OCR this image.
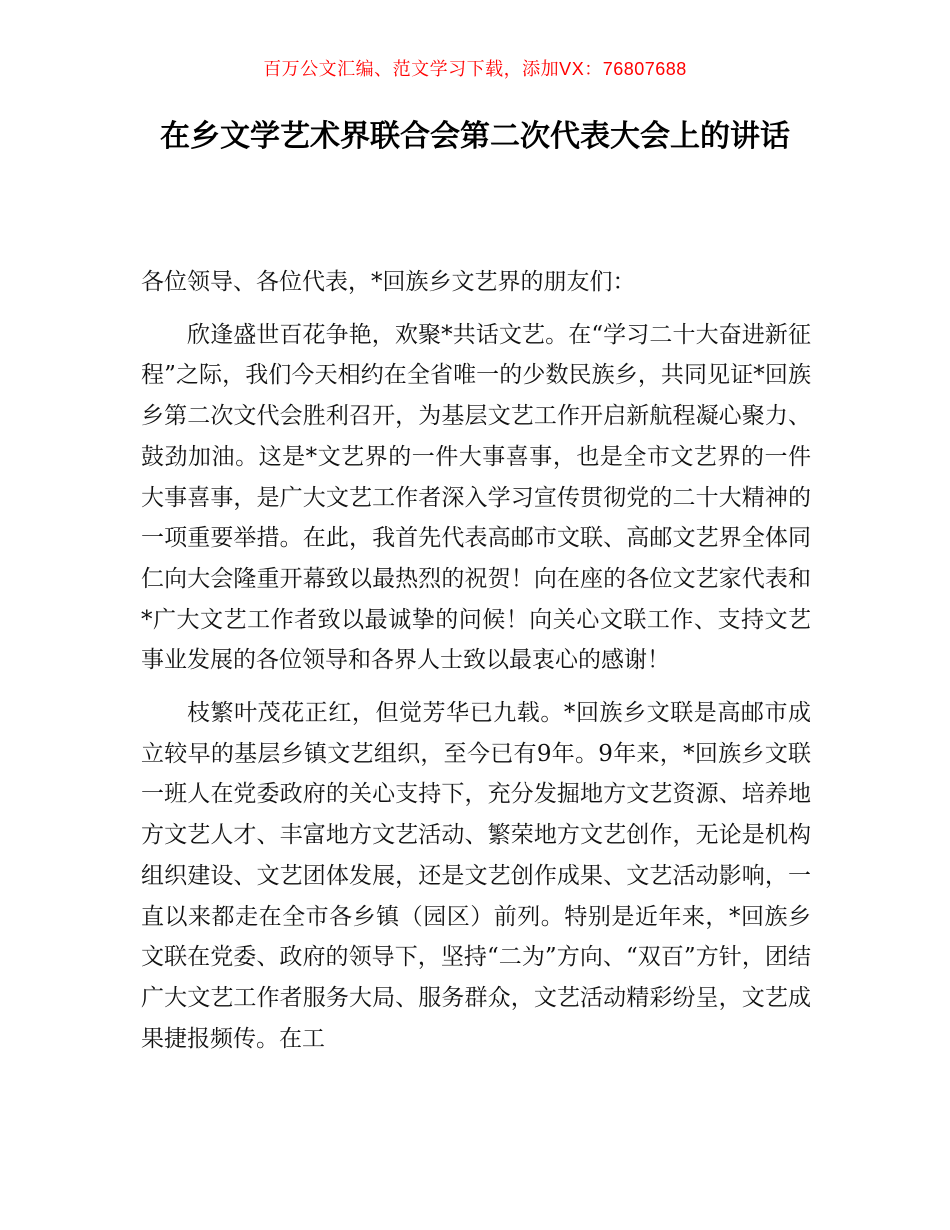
百万公文汇编、范文学习下载，添加VX：76807688
在乡文学艺术界联合会第二次代表大会上的讲话

各位领导、各位代表，*回族乡文艺界的朋友们：

欣逢盛世百花争艳，欢聚*共话文艺。在“学习二十大奋进新征程”之际，我们今天相约在全省唯一的少数民族乡，共同见证*回族乡第二次文代会胜利召开，为基层文艺工作开启新航程凝心聚力、鼓劲加油。这是*文艺界的一件大事喜事，也是全市文艺界的一件大事喜事，是广大文艺工作者深入学习宣传贯彻党的二十大精神的一项重要举措。在此，我首先代表高邮市文联、高邮文艺界全体同仁向大会隆重开幕致以最热烈的祝贺！向在座的各位文艺家代表和*广大文艺工作者致以最诚挚的问候！向关心文联工作、支持文艺事业发展的各位领导和各界人士致以最衷心的感谢！

枝繁叶茂花正红，但觉芳华已九载。*回族乡文联是高邮市成立较早的基层乡镇文艺组织，至今已有9年。9年来，*回族乡文联一班人在党委政府的关心支持下，充分发掘地方文艺资源、培养地方文艺人才、丰富地方文艺活动、繁荣地方文艺创作，无论是机构组织建设、文艺团体发展，还是文艺创作成果、文艺活动影响，一直以来都走在全市各乡镇（园区）前列。特别是近年来，*回族乡文联在党委、政府的领导下，坚持“二为”方向、“双百”方针，团结广大文艺工作者服务大局、服务群众，文艺活动精彩纷呈，文艺成果捷报频传。在工
